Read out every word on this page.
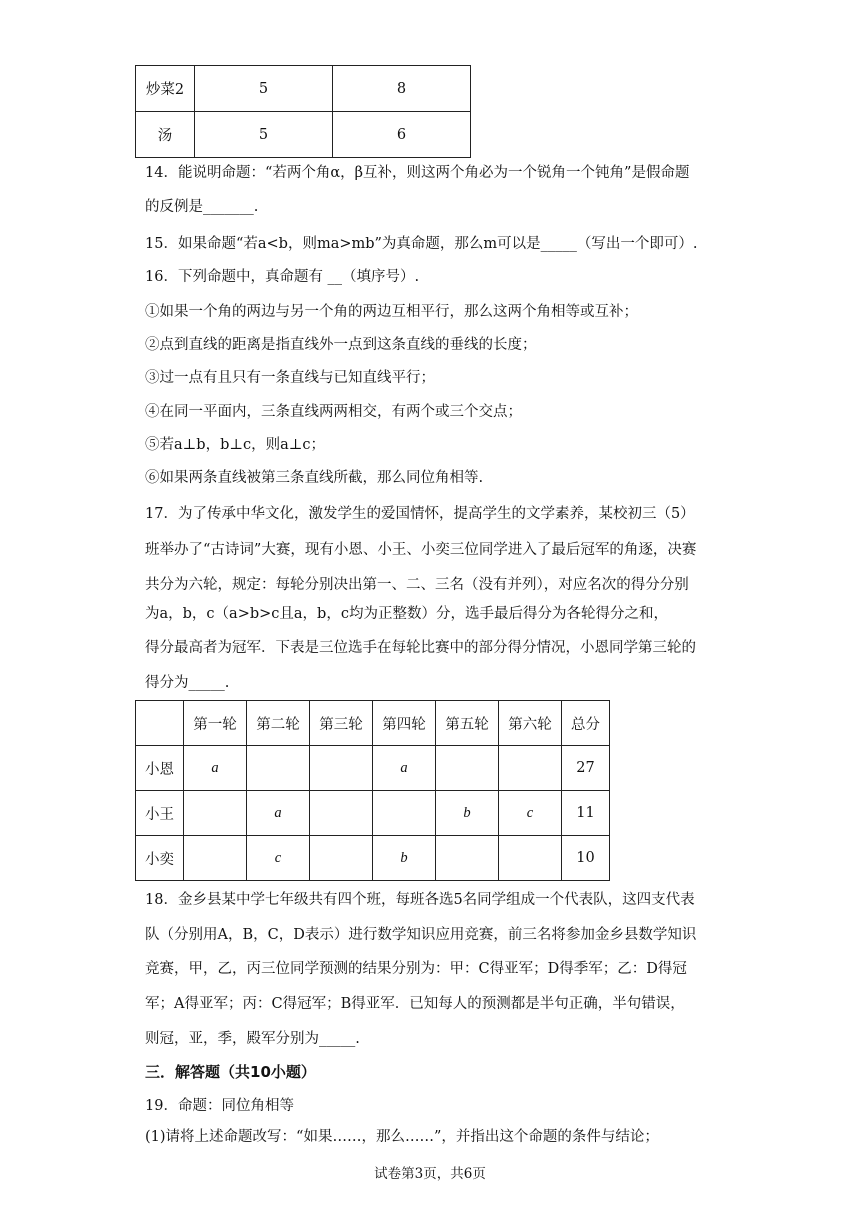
炒菜2	5	8
汤	5	6
14．能说明命题：“若两个角α，β互补，则这两个角必为一个锐角一个钝角”是假命题
的反例是_______.
15．如果命题“若a<b，则ma>mb”为真命题，那么m可以是_____（写出一个即可）.
16．下列命题中，真命题有 __（填序号）.
①如果一个角的两边与另一个角的两边互相平行，那么这两个角相等或互补；
②点到直线的距离是指直线外一点到这条直线的垂线的长度；
③过一点有且只有一条直线与已知直线平行；
④在同一平面内，三条直线两两相交，有两个或三个交点；
⑤若a⊥b，b⊥c，则a⊥c；
⑥如果两条直线被第三条直线所截，那么同位角相等.
17．为了传承中华文化，激发学生的爱国情怀，提高学生的文学素养，某校初三（5）
班举办了“古诗词”大赛，现有小恩、小王、小奕三位同学进入了最后冠军的角逐，决赛
共分为六轮，规定：每轮分别决出第一、二、三名（没有并列），对应名次的得分分别
为a，b，c（a>b>c且a，b，c均为正整数）分，选手最后得分为各轮得分之和，
得分最高者为冠军．下表是三位选手在每轮比赛中的部分得分情况，小恩同学第三轮的
得分为_____.
	第一轮	第二轮	第三轮	第四轮	第五轮	第六轮	总分
小恩	a			a			27
小王		a			b	c	11
小奕		c		b			10
18．金乡县某中学七年级共有四个班，每班各选5名同学组成一个代表队，这四支代表
队（分别用A，B，C，D表示）进行数学知识应用竞赛，前三名将参加金乡县数学知识
竞赛，甲，乙，丙三位同学预测的结果分别为：甲：C得亚军；D得季军；乙：D得冠
军；A得亚军；丙：C得冠军；B得亚军．已知每人的预测都是半句正确，半句错误，
则冠，亚，季，殿军分别为_____.
三．解答题（共10小题）
19．命题：同位角相等
(1)请将上述命题改写：“如果……，那么……”，并指出这个命题的条件与结论；
试卷第3页，共6页
